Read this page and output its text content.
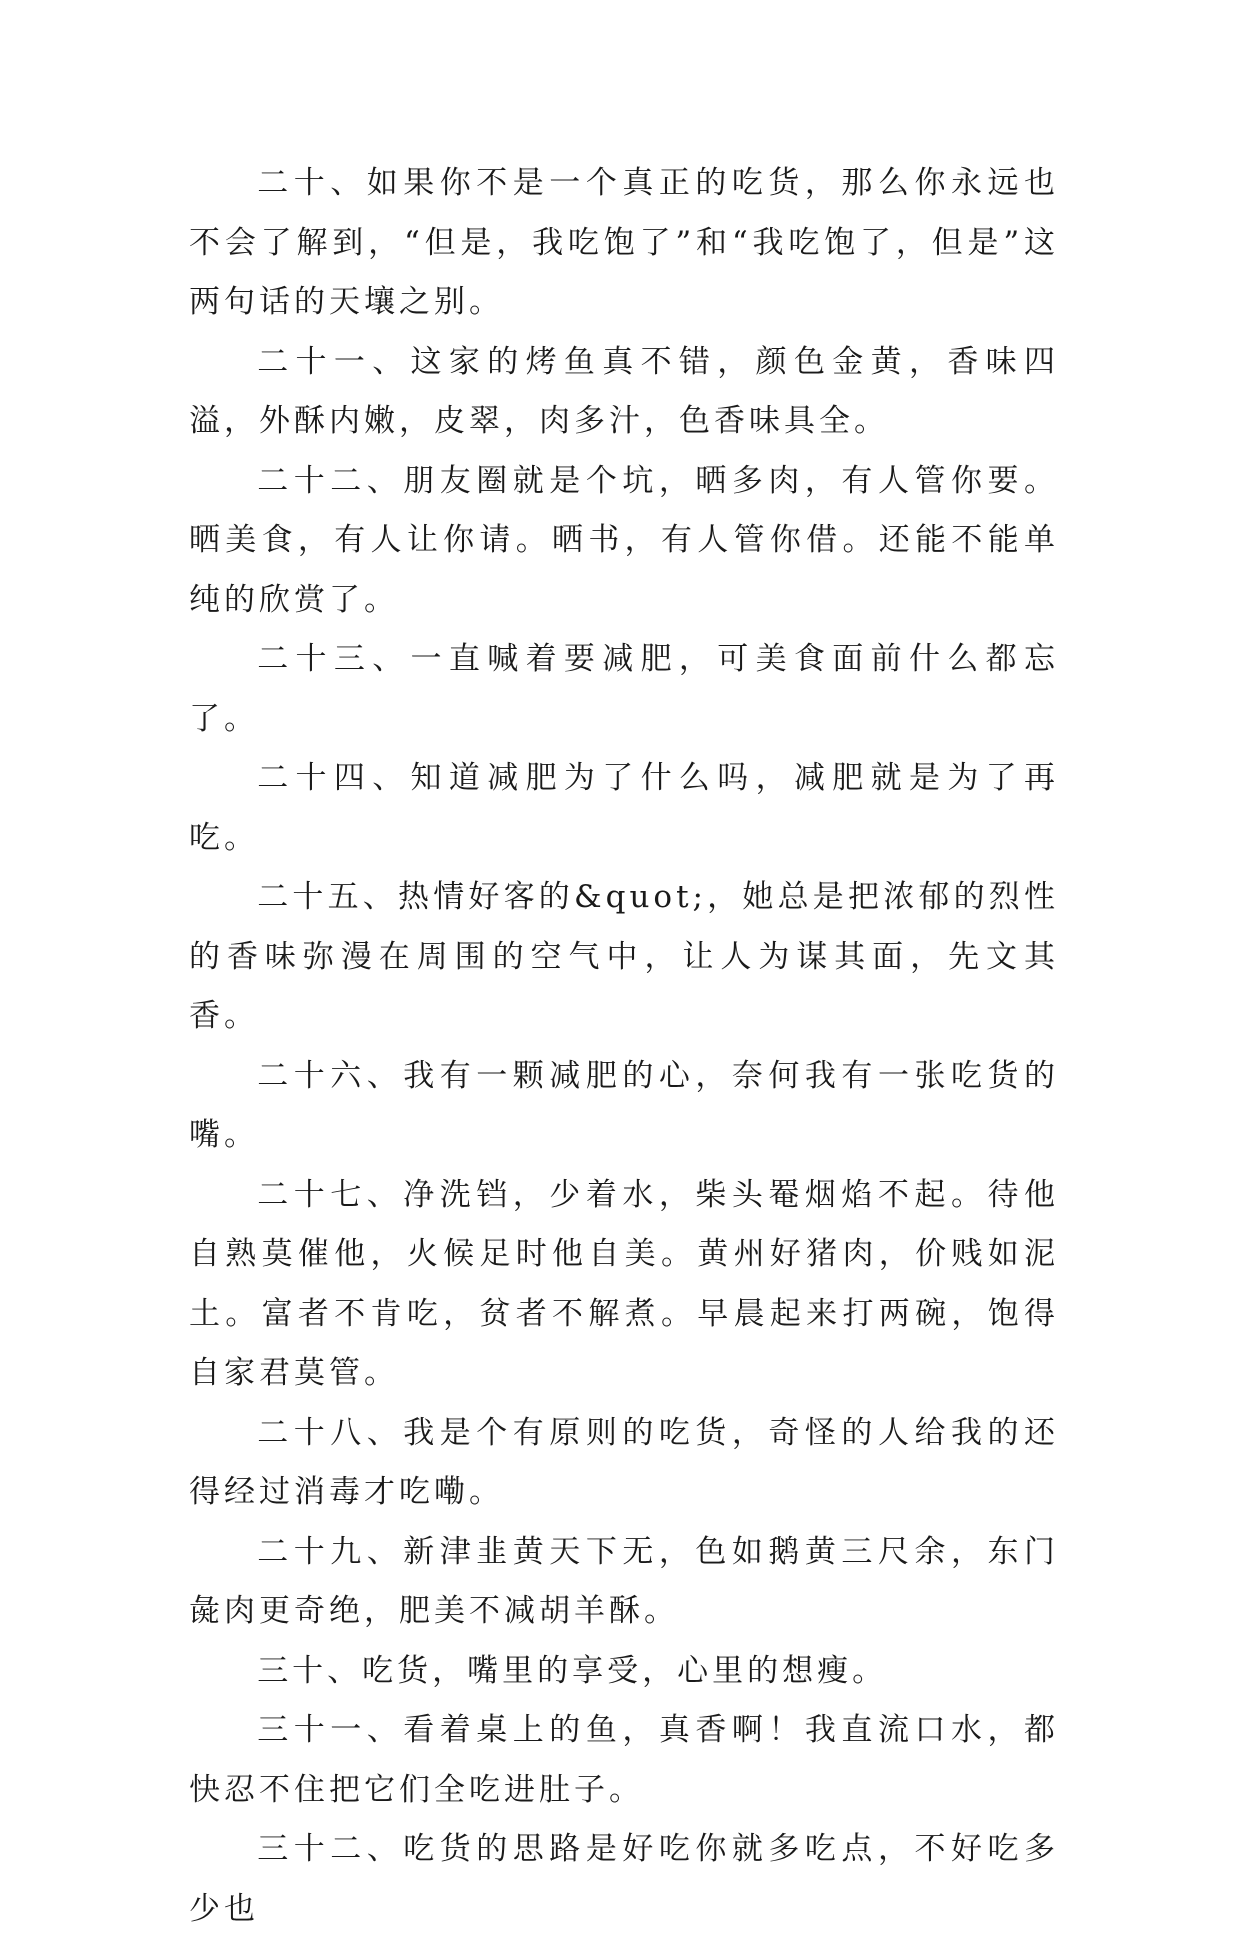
二十、如果你不是一个真正的吃货，那么你永远也不会了解到，“但是，我吃饱了”和“我吃饱了，但是”这两句话的天壤之别。

二十一、这家的烤鱼真不错，颜色金黄，香味四溢，外酥内嫩，皮翠，肉多汁，色香味具全。

二十二、朋友圈就是个坑，晒多肉，有人管你要。晒美食，有人让你请。晒书，有人管你借。还能不能单纯的欣赏了。

二十三、一直喊着要减肥，可美食面前什么都忘了。

二十四、知道减肥为了什么吗，减肥就是为了再吃。

二十五、热情好客的&quot;，她总是把浓郁的烈性的香味弥漫在周围的空气中，让人为谋其面，先文其香。

二十六、我有一颗减肥的心，奈何我有一张吃货的嘴。

二十七、净洗铛，少着水，柴头罨烟焰不起。待他自熟莫催他，火候足时他自美。黄州好猪肉，价贱如泥土。富者不肯吃，贫者不解煮。早晨起来打两碗，饱得自家君莫管。

二十八、我是个有原则的吃货，奇怪的人给我的还得经过消毒才吃嘞。

二十九、新津韭黄天下无，色如鹅黄三尺余，东门彘肉更奇绝，肥美不减胡羊酥。

三十、吃货，嘴里的享受，心里的想瘦。

三十一、看着桌上的鱼，真香啊！我直流口水，都快忍不住把它们全吃进肚子。

三十二、吃货的思路是好吃你就多吃点，不好吃多少也
